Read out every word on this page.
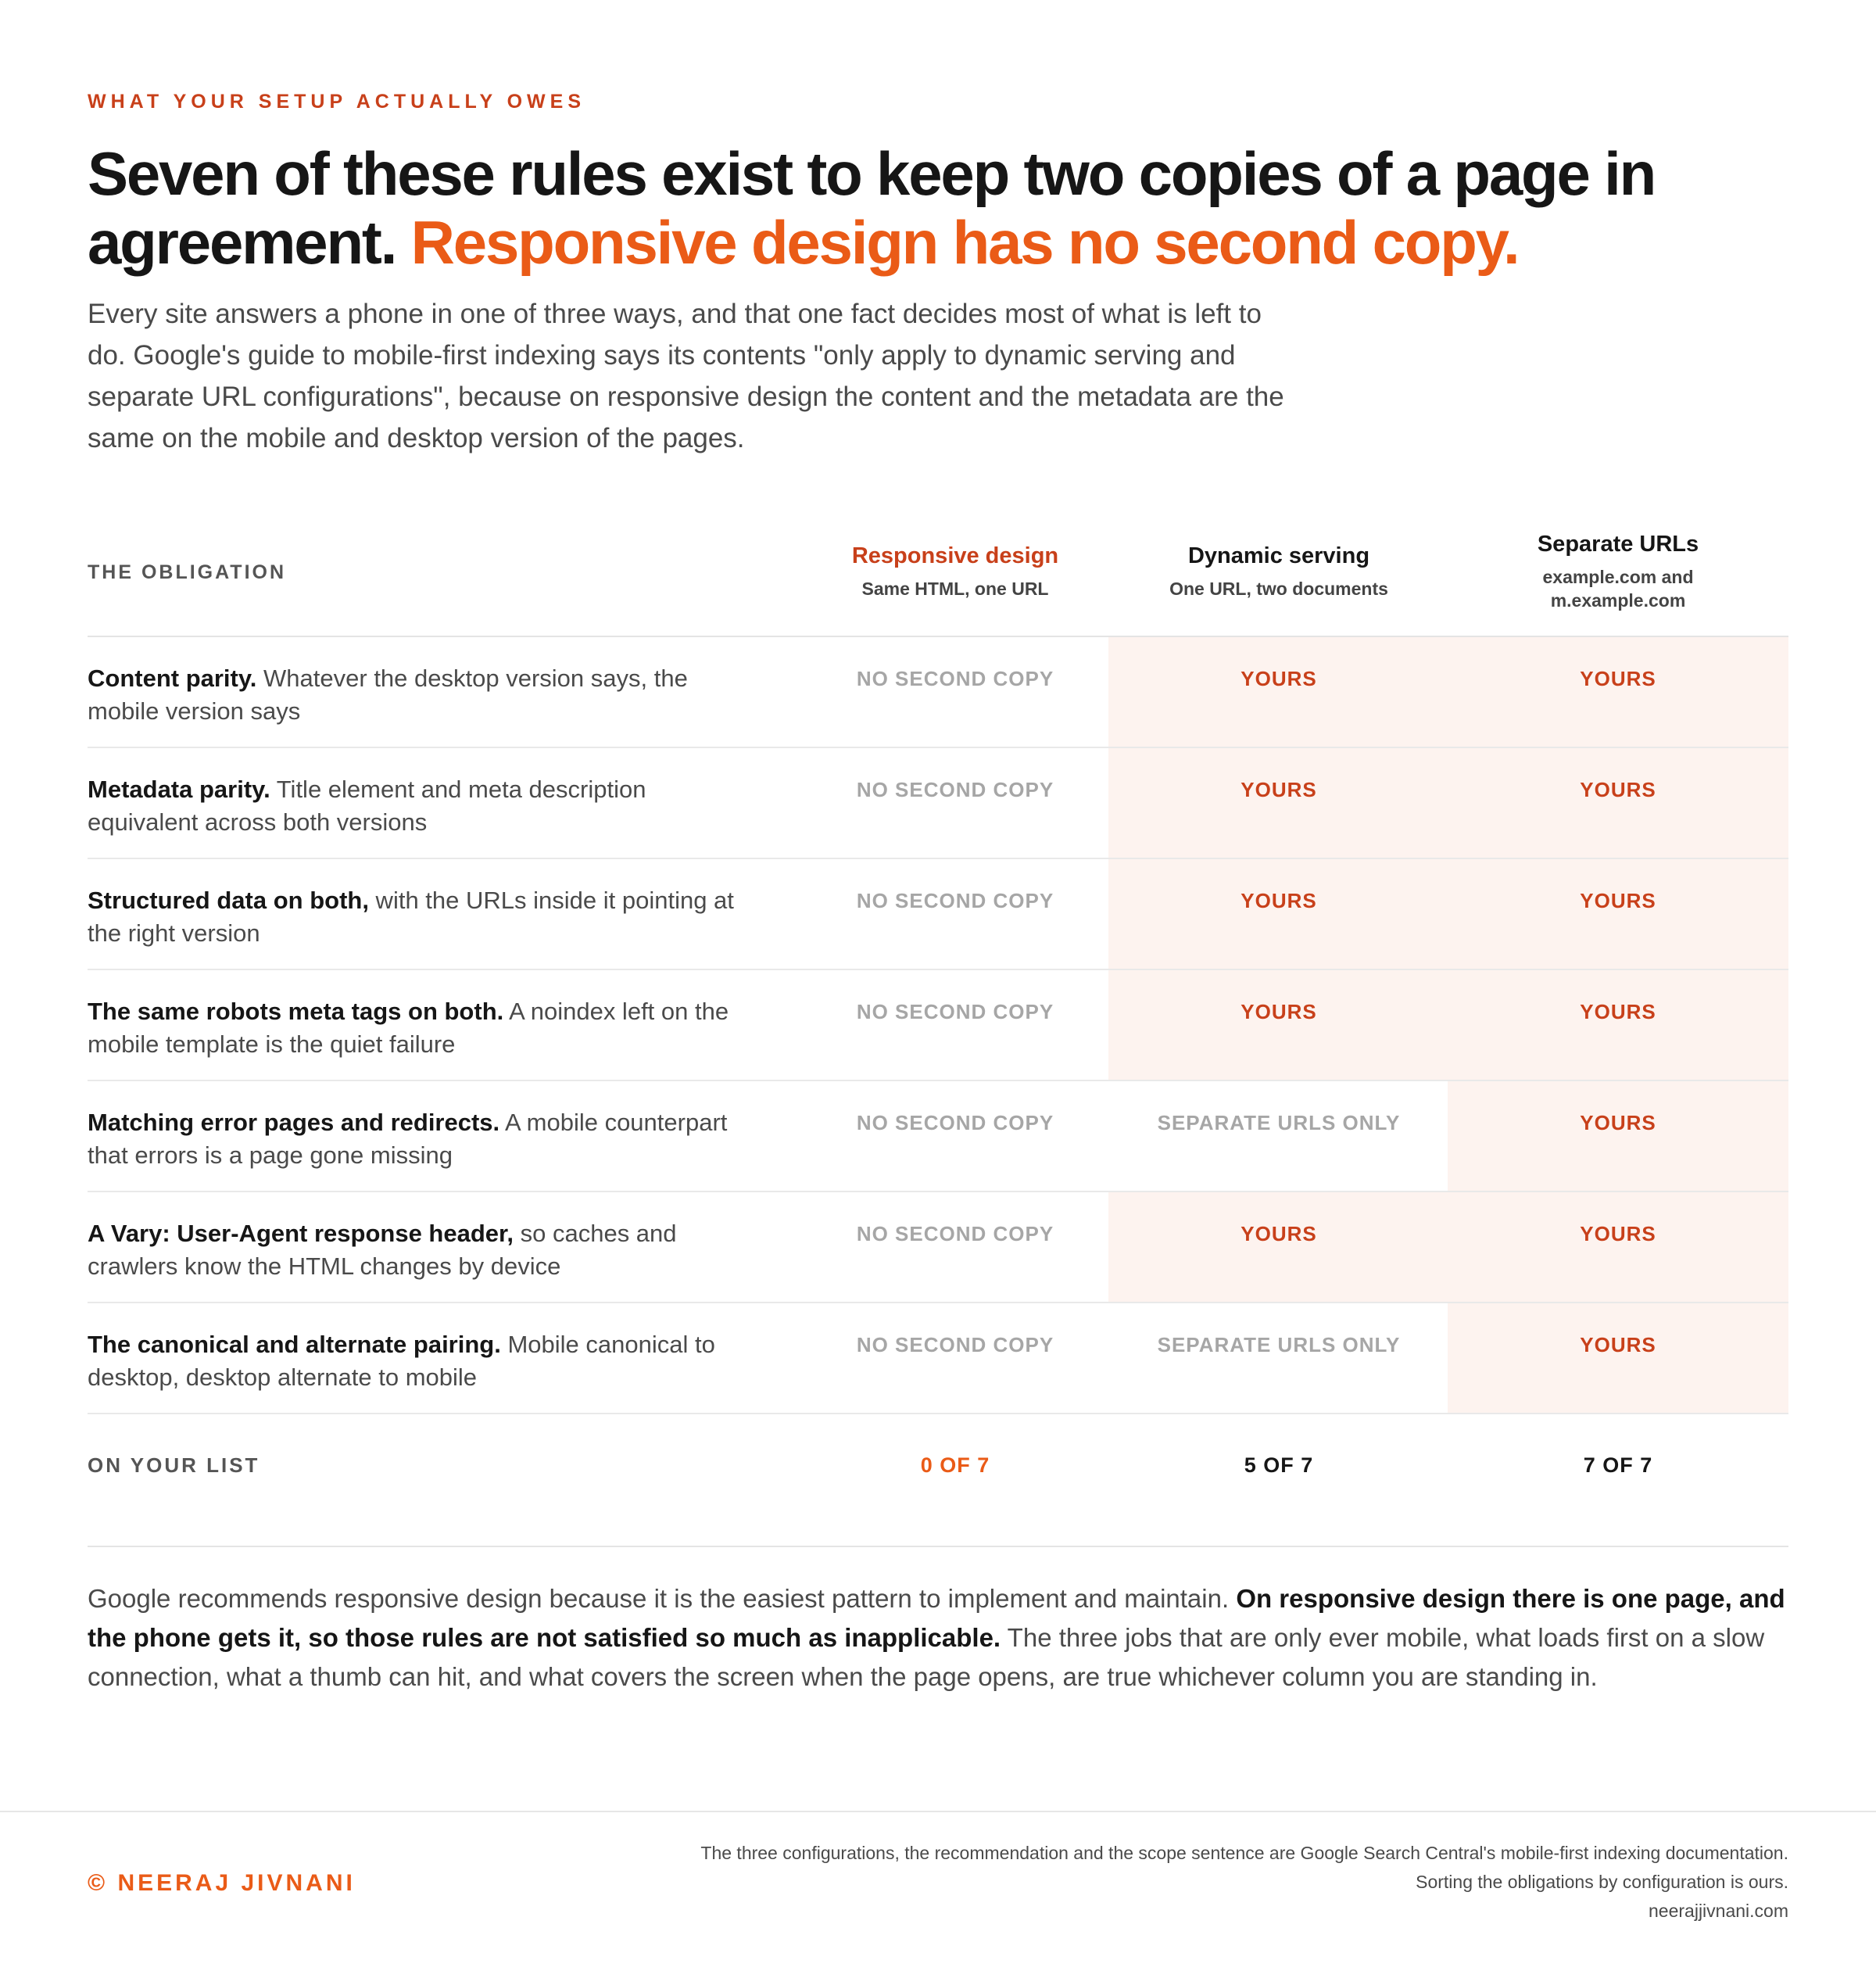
WHAT YOUR SETUP ACTUALLY OWES
Seven of these rules exist to keep two copies of a page in agreement. Responsive design has no second copy.

Every site answers a phone in one of three ways, and that one fact decides most of what is left to do. Google's guide to mobile-first indexing says its contents "only apply to dynamic serving and separate URL configurations", because on responsive design the content and the metadata are the same on the mobile and desktop version of the pages.

THE OBLIGATION
Responsive design
Same HTML, one URL
Dynamic serving
One URL, two documents
Separate URLs
example.com and m.example.com
Content parity. Whatever the desktop version says, the mobile version says
NO SECOND COPY	YOURS	YOURS
Metadata parity. Title element and meta description equivalent across both versions
NO SECOND COPY	YOURS	YOURS
Structured data on both, with the URLs inside it pointing at the right version
NO SECOND COPY	YOURS	YOURS
The same robots meta tags on both. A noindex left on the mobile template is the quiet failure
NO SECOND COPY	YOURS	YOURS
Matching error pages and redirects. A mobile counterpart that errors is a page gone missing
NO SECOND COPY	SEPARATE URLS ONLY	YOURS
A Vary: User-Agent response header, so caches and crawlers know the HTML changes by device
NO SECOND COPY	YOURS	YOURS
The canonical and alternate pairing. Mobile canonical to desktop, desktop alternate to mobile
NO SECOND COPY	SEPARATE URLS ONLY	YOURS
ON YOUR LIST	0 OF 7	5 OF 7	7 OF 7

Google recommends responsive design because it is the easiest pattern to implement and maintain. On responsive design there is one page, and the phone gets it, so those rules are not satisfied so much as inapplicable. The three jobs that are only ever mobile, what loads first on a slow connection, what a thumb can hit, and what covers the screen when the page opens, are true whichever column you are standing in.

© NEERAJ JIVNANI
The three configurations, the recommendation and the scope sentence are Google Search Central's mobile-first indexing documentation. Sorting the obligations by configuration is ours.
neerajjivnani.com
